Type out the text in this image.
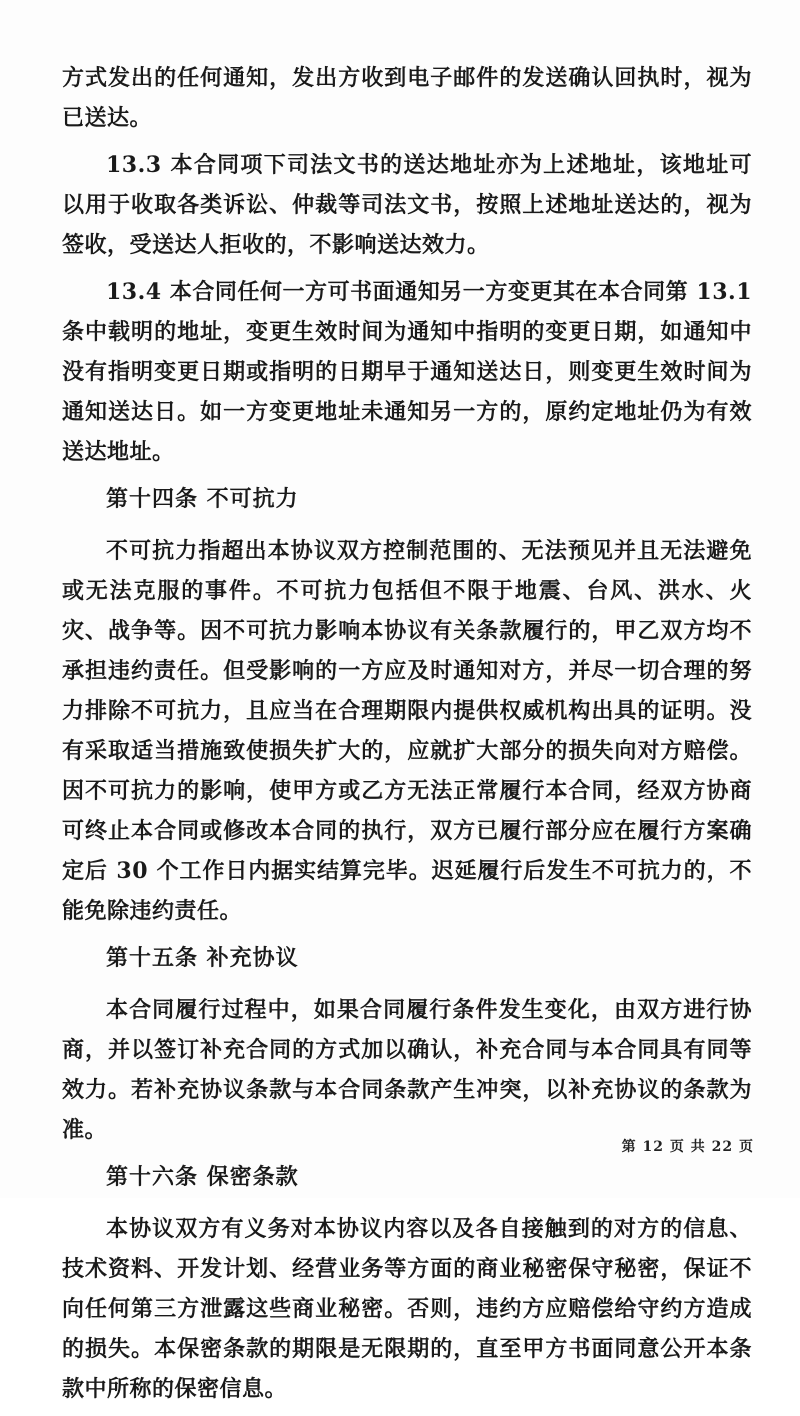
方式发出的任何通知，发出方收到电子邮件的发送确认回执时，视为已送达。

13.3 本合同项下司法文书的送达地址亦为上述地址，该地址可以用于收取各类诉讼、仲裁等司法文书，按照上述地址送达的，视为签收，受送达人拒收的，不影响送达效力。

13.4 本合同任何一方可书面通知另一方变更其在本合同第 13.1 条中载明的地址，变更生效时间为通知中指明的变更日期，如通知中没有指明变更日期或指明的日期早于通知送达日，则变更生效时间为通知送达日。如一方变更地址未通知另一方的，原约定地址仍为有效送达地址。

第十四条 不可抗力

不可抗力指超出本协议双方控制范围的、无法预见并且无法避免或无法克服的事件。不可抗力包括但不限于地震、台风、洪水、火灾、战争等。因不可抗力影响本协议有关条款履行的，甲乙双方均不承担违约责任。但受影响的一方应及时通知对方，并尽一切合理的努力排除不可抗力，且应当在合理期限内提供权威机构出具的证明。没有采取适当措施致使损失扩大的，应就扩大部分的损失向对方赔偿。因不可抗力的影响，使甲方或乙方无法正常履行本合同，经双方协商可终止本合同或修改本合同的执行，双方已履行部分应在履行方案确定后 30 个工作日内据实结算完毕。迟延履行后发生不可抗力的，不能免除违约责任。

第十五条 补充协议

本合同履行过程中，如果合同履行条件发生变化，由双方进行协商，并以签订补充合同的方式加以确认，补充合同与本合同具有同等效力。若补充协议条款与本合同条款产生冲突，以补充协议的条款为准。

第十六条 保密条款

本协议双方有义务对本协议内容以及各自接触到的对方的信息、技术资料、开发计划、经营业务等方面的商业秘密保守秘密，保证不向任何第三方泄露这些商业秘密。否则，违约方应赔偿给守约方造成的损失。本保密条款的期限是无限期的，直至甲方书面同意公开本条款中所称的保密信息。

第 12 页 共 22 页
